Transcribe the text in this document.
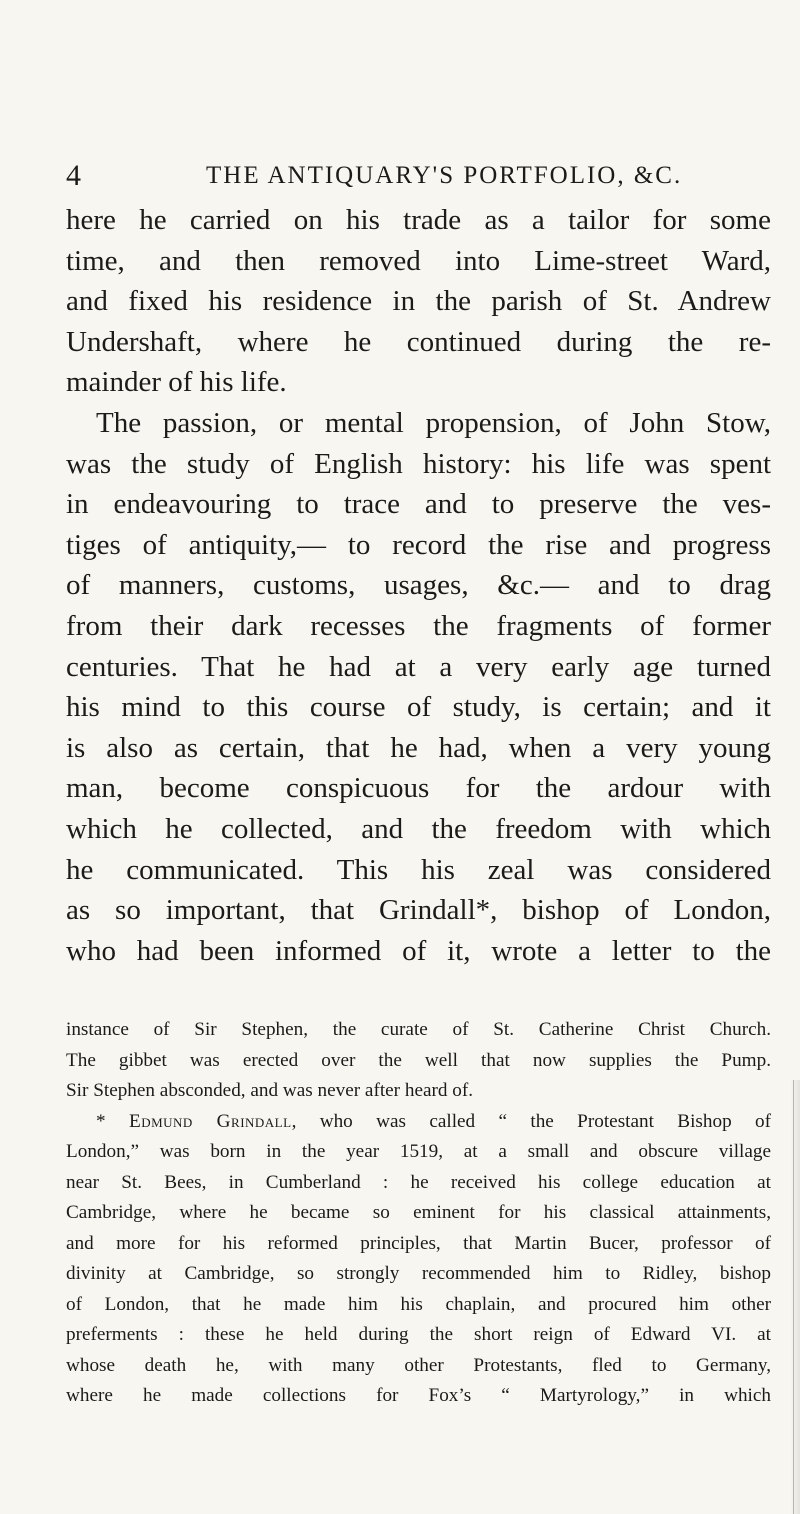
4	THE ANTIQUARY'S PORTFOLIO, &C.
here he carried on his trade as a tailor for some
time, and then removed into Lime-street Ward,
and fixed his residence in the parish of St. Andrew
Undershaft, where he continued during the re-
mainder of his life.
The passion, or mental propension, of John Stow,
was the study of English history: his life was spent
in endeavouring to trace and to preserve the ves-
tiges of antiquity,— to record the rise and progress
of manners, customs, usages, &c.— and to drag
from their dark recesses the fragments of former
centuries. That he had at a very early age turned
his mind to this course of study, is certain; and it
is also as certain, that he had, when a very young
man, become conspicuous for the ardour with
which he collected, and the freedom with which
he communicated. This his zeal was considered
as so important, that Grindall*, bishop of London,
who had been informed of it, wrote a letter to the
instance of Sir Stephen, the curate of St. Catherine Christ Church.
The gibbet was erected over the well that now supplies the Pump.
Sir Stephen absconded, and was never after heard of.
* Edmund Grindall, who was called “ the Protestant Bishop of
London,” was born in the year 1519, at a small and obscure village
near St. Bees, in Cumberland : he received his college education at
Cambridge, where he became so eminent for his classical attainments,
and more for his reformed principles, that Martin Bucer, professor of
divinity at Cambridge, so strongly recommended him to Ridley, bishop
of London, that he made him his chaplain, and procured him other
preferments : these he held during the short reign of Edward VI. at
whose death he, with many other Protestants, fled to Germany,
where he made collections for Fox’s “ Martyrology,” in which
